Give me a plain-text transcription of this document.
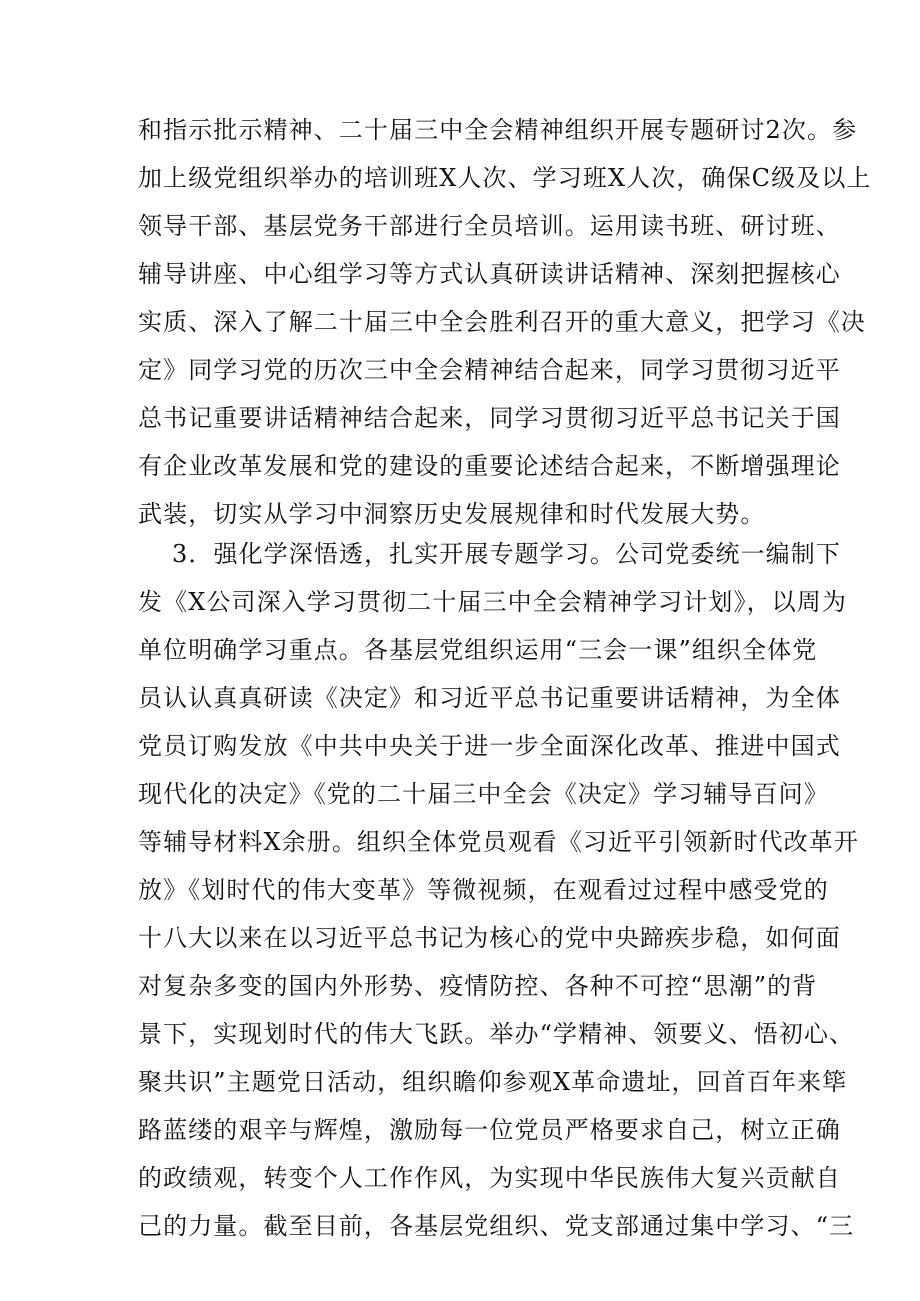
和指示批示精神、二十届三中全会精神组织开展专题研讨2次。参
加上级党组织举办的培训班X人次、学习班X人次，确保C级及以上
领导干部、基层党务干部进行全员培训。运用读书班、研讨班、
辅导讲座、中心组学习等方式认真研读讲话精神、深刻把握核心
实质、深入了解二十届三中全会胜利召开的重大意义，把学习《决
定》同学习党的历次三中全会精神结合起来，同学习贯彻习近平
总书记重要讲话精神结合起来，同学习贯彻习近平总书记关于国
有企业改革发展和党的建设的重要论述结合起来，不断增强理论
武装，切实从学习中洞察历史发展规律和时代发展大势。
3．强化学深悟透，扎实开展专题学习。公司党委统一编制下
发《X公司深入学习贯彻二十届三中全会精神学习计划》，以周为
单位明确学习重点。各基层党组织运用“三会一课”组织全体党
员认认真真研读《决定》和习近平总书记重要讲话精神，为全体
党员订购发放《中共中央关于进一步全面深化改革、推进中国式
现代化的决定》《党的二十届三中全会《决定》学习辅导百问》
等辅导材料X余册。组织全体党员观看《习近平引领新时代改革开
放》《划时代的伟大变革》等微视频，在观看过过程中感受党的
十八大以来在以习近平总书记为核心的党中央蹄疾步稳，如何面
对复杂多变的国内外形势、疫情防控、各种不可控“思潮”的背
景下，实现划时代的伟大飞跃。举办“学精神、领要义、悟初心、
聚共识”主题党日活动，组织瞻仰参观X革命遗址，回首百年来筚
路蓝缕的艰辛与辉煌，激励每一位党员严格要求自己，树立正确
的政绩观，转变个人工作作风，为实现中华民族伟大复兴贡献自
己的力量。截至目前，各基层党组织、党支部通过集中学习、“三
